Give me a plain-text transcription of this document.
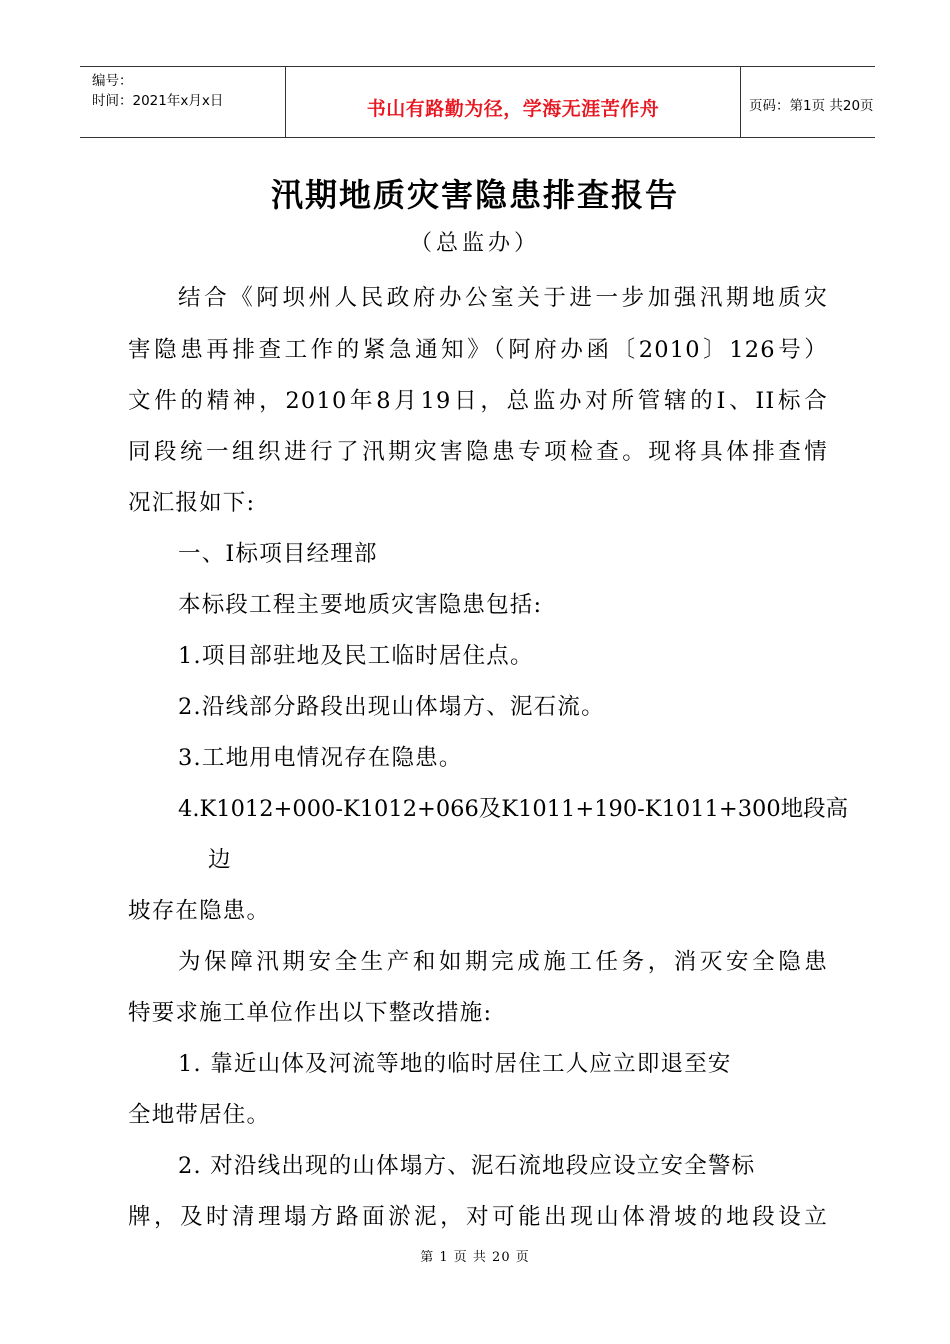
编号：
时间：2021年x月x日	书山有路勤为径，学海无涯苦作舟	页码：第1页 共20页
汛期地质灾害隐患排查报告
（总监办）
结合《阿坝州人民政府办公室关于进一步加强汛期地质灾
害隐患再排查工作的紧急通知》（阿府办函〔2010〕126号）
文件的精神，2010年8月19日，总监办对所管辖的I、II标合
同段统一组织进行了汛期灾害隐患专项检查。现将具体排查情
况汇报如下:
一、I标项目经理部
本标段工程主要地质灾害隐患包括:
1.项目部驻地及民工临时居住点。
2.沿线部分路段出现山体塌方、泥石流。
3.工地用电情况存在隐患。
4.K1012+000-K1012+066及K1011+190-K1011+300地段高
边
坡存在隐患。
为保障汛期安全生产和如期完成施工任务，消灭安全隐患
特要求施工单位作出以下整改措施:
1. 靠近山体及河流等地的临时居住工人应立即退至安
全地带居住。
2. 对沿线出现的山体塌方、泥石流地段应设立安全警标
牌，及时清理塌方路面淤泥，对可能出现山体滑坡的地段设立
第 1 页 共 20 页
